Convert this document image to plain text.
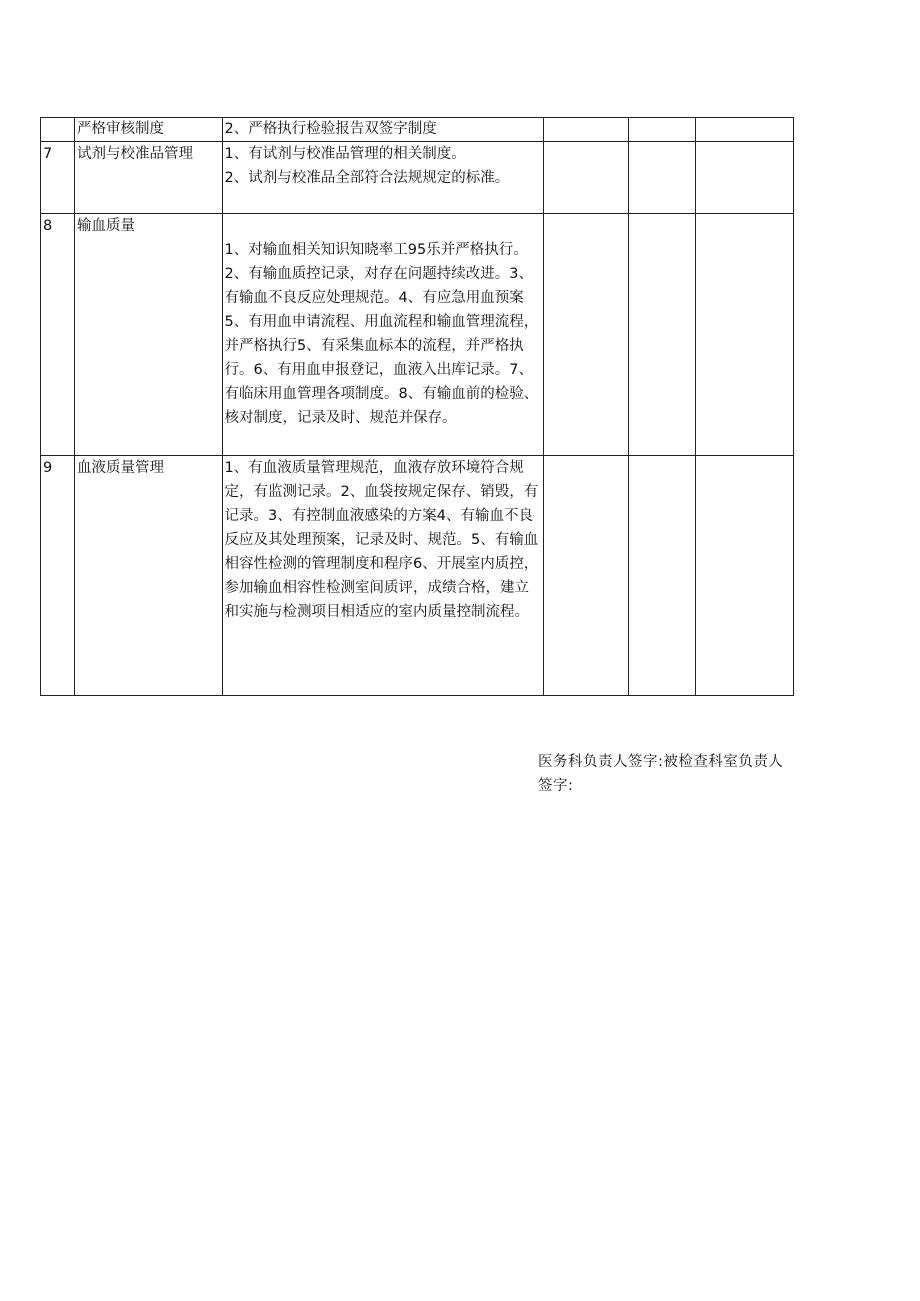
	严格审核制度	2、严格执行检验报告双签字制度			

7	试剂与校准品管理	1、有试剂与校准品管理的相关制度。
2、试剂与校准品全部符合法规规定的标准。			

8	输血质量	1、对输血相关知识知晓率工95乐并严格执行。2、有输血质控记录，对存在问题持续改进。3、有输血不良反应处理规范。4、有应急用血预案5、有用血申请流程、用血流程和输血管理流程，并严格执行5、有采集血标本的流程，并严格执行。6、有用血申报登记，血液入出库记录。7、有临床用血管理各项制度。8、有输血前的检验、核对制度，记录及时、规范并保存。			
9	血液质量管理	1、有血液质量管理规范，血液存放环境符合规定，有监测记录。2、血袋按规定保存、销毁，有记录。3、有控制血液感染的方案4、有输血不良反应及其处理预案，记录及时、规范。5、有输血相容性检测的管理制度和程序6、开展室内质控，参加输血相容性检测室间质评，成绩合格，建立和实施与检测项目相适应的室内质量控制流程。			
医务科负责人签字:被检查科室负责人签字:
